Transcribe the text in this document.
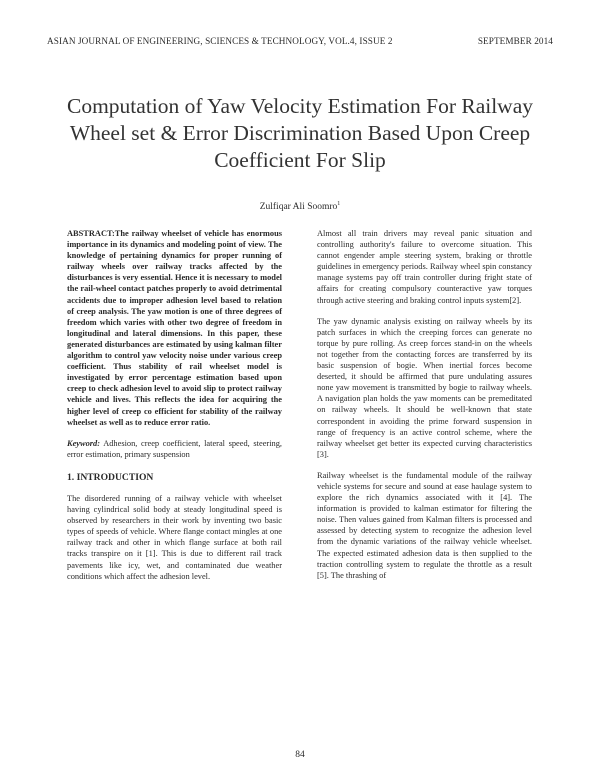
ASIAN JOURNAL OF ENGINEERING, SCIENCES & TECHNOLOGY, VOL.4, ISSUE 2	SEPTEMBER 2014
Computation of Yaw Velocity Estimation For Railway Wheel set & Error Discrimination Based Upon Creep Coefficient For Slip
Zulfiqar Ali Soomro$^1$

ABSTRACT:The railway wheelset of vehicle has enormous importance in its dynamics and modeling point of view. The knowledge of pertaining dynamics for proper running of railway wheels over railway tracks affected by the disturbances is very essential. Hence it is necessary to model the rail-wheel contact patches properly to avoid detrimental accidents due to improper adhesion level based to relation of creep analysis. The yaw motion is one of three degrees of freedom which varies with other two degree of freedom in longitudinal and lateral dimensions. In this paper, these generated disturbances are estimated by using kalman filter algorithm to control yaw velocity noise under various creep coefficient. Thus stability of rail wheelset model is investigated by error percentage estimation based upon creep to check adhesion level to avoid slip to protect railway vehicle and lives. This reflects the idea for acquiring the higher level of creep co efficient for stability of the railway wheelset as well as to reduce error ratio.

Keyword: Adhesion, creep coefficient, lateral speed, steering, error estimation, primary suspension

1. INTRODUCTION

The disordered running of a railway vehicle with wheelset having cylindrical solid body at steady longitudinal speed is observed by researchers in their work by inventing two basic types of speeds of vehicle. Where flange contact mingles at one railway track and other in which flange surface at both rail tracks transpire on it [1]. This is due to different rail track pavements like icy, wet, and contaminated due weather conditions which affect the adhesion level.

Almost all train drivers may reveal panic situation and controlling authority's failure to overcome situation. This cannot engender ample steering system, braking or throttle guidelines in emergency periods. Railway wheel spin constancy manage systems pay off train controller during fright state of affairs for creating compulsory counteractive yaw torques through active steering and braking control inputs system[2].

The yaw dynamic analysis existing on railway wheels by its patch surfaces in which the creeping forces can generate no torque by pure rolling. As creep forces stand-in on the wheels not together from the contacting forces are transferred by its basic suspension of bogie. When inertial forces become deserted, it should be affirmed that pure undulating assures none yaw movement is transmitted by bogie to railway wheels. A navigation plan holds the yaw moments can be premeditated on railway wheels. It should be well-known that state correspondent in avoiding the prime forward suspension in range of frequency is an active control scheme, where the railway wheelset get better its expected curving characteristics [3].

Railway wheelset is the fundamental module of the railway vehicle systems for secure and sound at ease haulage system to explore the rich dynamics associated with it [4]. The information is provided to kalman estimator for filtering the noise. Then values gained from Kalman filters is processed and assessed by detecting system to recognize the adhesion level from the dynamic variations of the railway vehicle wheelset. The expected estimated adhesion data is then supplied to the traction controlling system to regulate the throttle as a result [5]. The thrashing of

84
